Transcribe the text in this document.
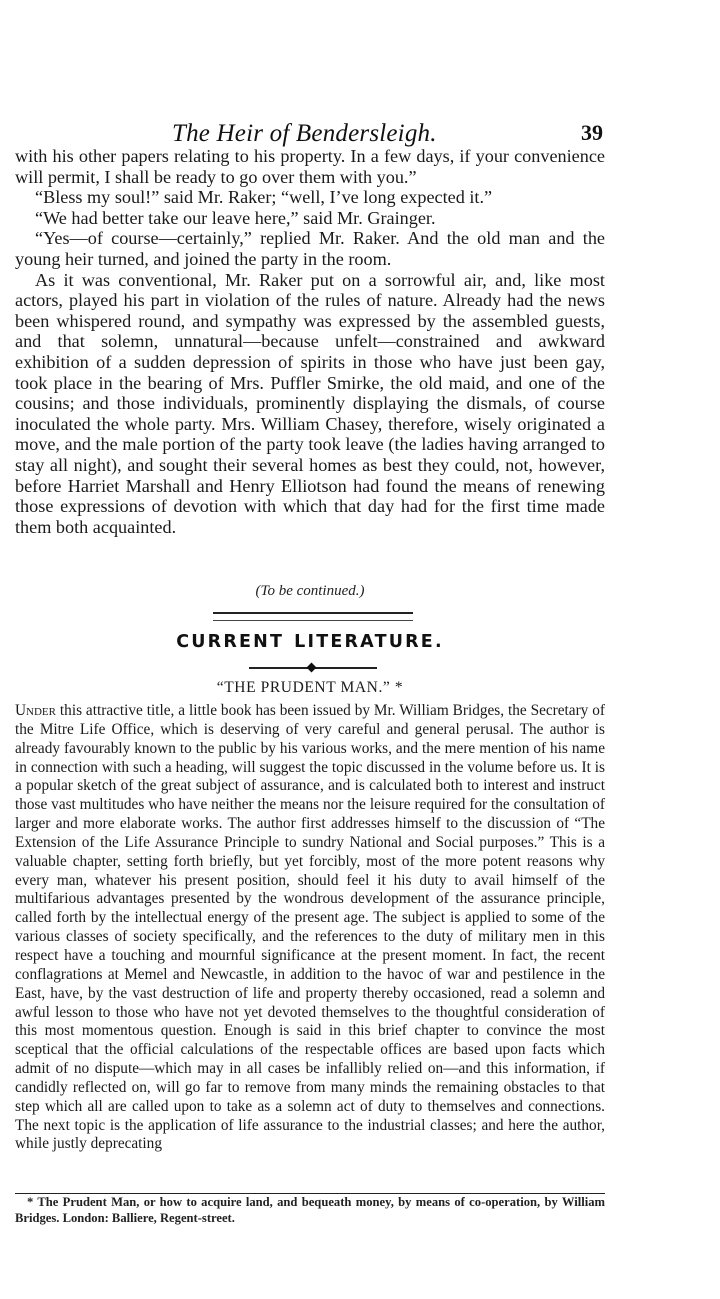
The Heir of Bendersleigh.	39

with his other papers relating to his property. In a few days, if your convenience will permit, I shall be ready to go over them with you.”

“Bless my soul!” said Mr. Raker; “well, I’ve long expected it.”

“We had better take our leave here,” said Mr. Grainger.

“Yes—of course—certainly,” replied Mr. Raker. And the old man and the young heir turned, and joined the party in the room.

As it was conventional, Mr. Raker put on a sorrowful air, and, like most actors, played his part in violation of the rules of nature. Already had the news been whispered round, and sympathy was expressed by the assembled guests, and that solemn, unnatural—because unfelt—constrained and awkward exhibition of a sudden depression of spirits in those who have just been gay, took place in the bearing of Mrs. Puffler Smirke, the old maid, and one of the cousins; and those individuals, prominently displaying the dismals, of course inoculated the whole party. Mrs. William Chasey, therefore, wisely originated a move, and the male portion of the party took leave (the ladies having arranged to stay all night), and sought their several homes as best they could, not, however, before Harriet Marshall and Henry Elliotson had found the means of renewing those expressions of devotion with which that day had for the first time made them both acquainted.

(To be continued.)
CURRENT LITERATURE.
“THE PRUDENT MAN.” *

Under this attractive title, a little book has been issued by Mr. William Bridges, the Secretary of the Mitre Life Office, which is deserving of very careful and general perusal. The author is already favourably known to the public by his various works, and the mere mention of his name in connection with such a heading, will suggest the topic discussed in the volume before us. It is a popular sketch of the great subject of assurance, and is calculated both to interest and instruct those vast multitudes who have neither the means nor the leisure required for the consultation of larger and more elaborate works. The author first addresses himself to the discussion of “The Extension of the Life Assurance Principle to sundry National and Social purposes.” This is a valuable chapter, setting forth briefly, but yet forcibly, most of the more potent reasons why every man, whatever his present position, should feel it his duty to avail himself of the multifarious advantages presented by the wondrous development of the assurance principle, called forth by the intellectual energy of the present age. The subject is applied to some of the various classes of society specifically, and the references to the duty of military men in this respect have a touching and mournful significance at the present moment. In fact, the recent conflagrations at Memel and Newcastle, in addition to the havoc of war and pestilence in the East, have, by the vast destruction of life and property thereby occasioned, read a solemn and awful lesson to those who have not yet devoted themselves to the thoughtful consideration of this most momentous question. Enough is said in this brief chapter to convince the most sceptical that the official calculations of the respectable offices are based upon facts which admit of no dispute—which may in all cases be infallibly relied on—and this information, if candidly reflected on, will go far to remove from many minds the remaining obstacles to that step which all are called upon to take as a solemn act of duty to themselves and connections. The next topic is the application of life assurance to the industrial classes; and here the author, while justly deprecating

* The Prudent Man, or how to acquire land, and bequeath money, by means of co-operation, by William Bridges. London: Balliere, Regent-street.
